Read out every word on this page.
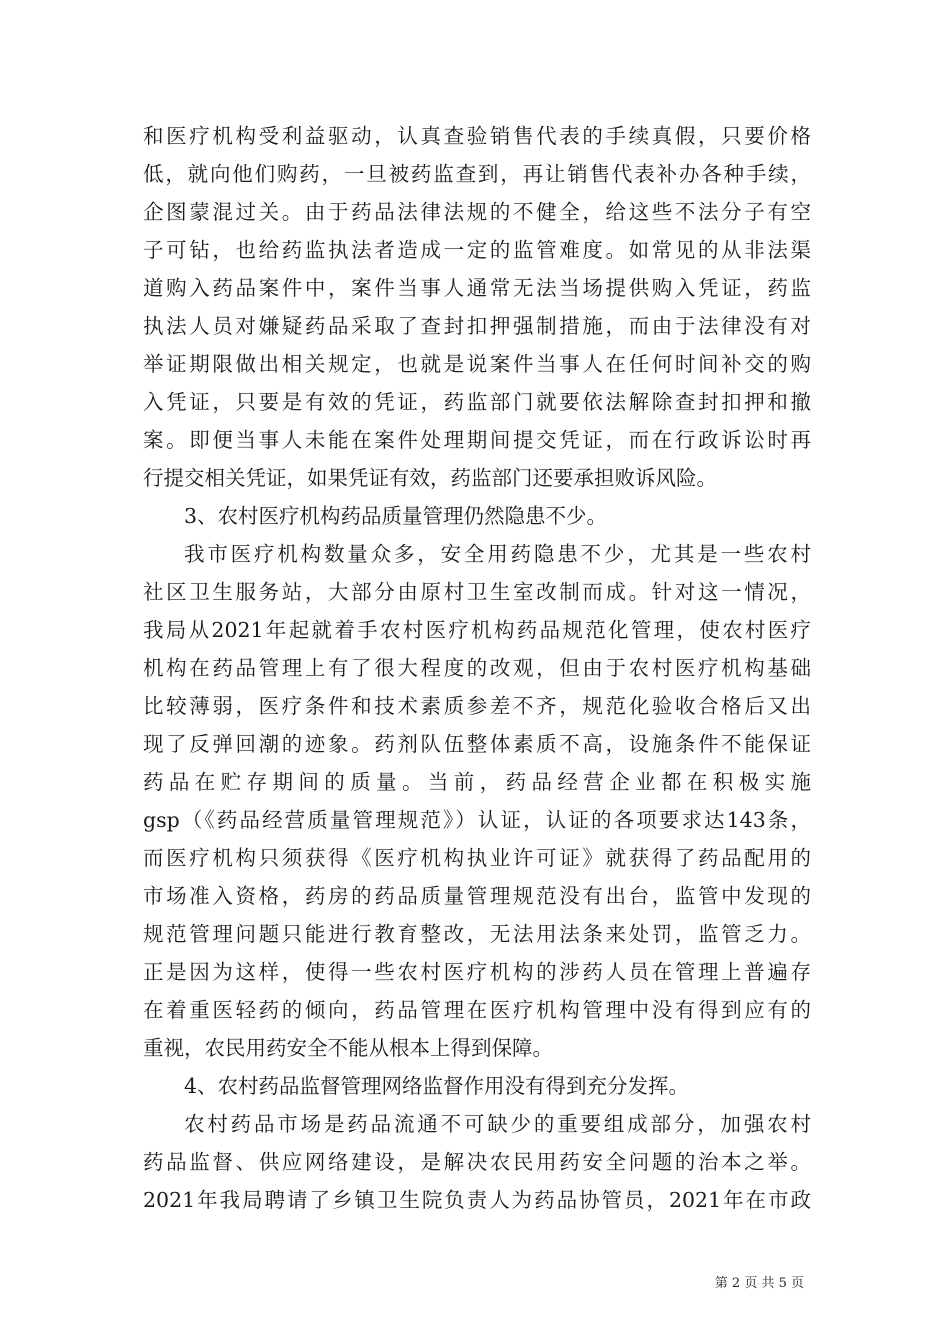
和医疗机构受利益驱动，认真查验销售代表的手续真假，只要价格
低，就向他们购药，一旦被药监查到，再让销售代表补办各种手续，
企图蒙混过关。由于药品法律法规的不健全，给这些不法分子有空
子可钻，也给药监执法者造成一定的监管难度。如常见的从非法渠
道购入药品案件中，案件当事人通常无法当场提供购入凭证，药监
执法人员对嫌疑药品采取了查封扣押强制措施，而由于法律没有对
举证期限做出相关规定，也就是说案件当事人在任何时间补交的购
入凭证，只要是有效的凭证，药监部门就要依法解除查封扣押和撤
案。即便当事人未能在案件处理期间提交凭证，而在行政诉讼时再
行提交相关凭证，如果凭证有效，药监部门还要承担败诉风险。
3、农村医疗机构药品质量管理仍然隐患不少。
我市医疗机构数量众多，安全用药隐患不少，尤其是一些农村
社区卫生服务站，大部分由原村卫生室改制而成。针对这一情况，
我局从2021年起就着手农村医疗机构药品规范化管理，使农村医疗
机构在药品管理上有了很大程度的改观，但由于农村医疗机构基础
比较薄弱，医疗条件和技术素质参差不齐，规范化验收合格后又出
现了反弹回潮的迹象。药剂队伍整体素质不高，设施条件不能保证
药品在贮存期间的质量。当前，药品经营企业都在积极实施
gsp（《药品经营质量管理规范》）认证，认证的各项要求达143条，
而医疗机构只须获得《医疗机构执业许可证》就获得了药品配用的
市场准入资格，药房的药品质量管理规范没有出台，监管中发现的
规范管理问题只能进行教育整改，无法用法条来处罚，监管乏力。
正是因为这样，使得一些农村医疗机构的涉药人员在管理上普遍存
在着重医轻药的倾向，药品管理在医疗机构管理中没有得到应有的
重视，农民用药安全不能从根本上得到保障。
4、农村药品监督管理网络监督作用没有得到充分发挥。
农村药品市场是药品流通不可缺少的重要组成部分，加强农村
药品监督、供应网络建设，是解决农民用药安全问题的治本之举。
2021年我局聘请了乡镇卫生院负责人为药品协管员，2021年在市政
第 2 页 共 5 页
